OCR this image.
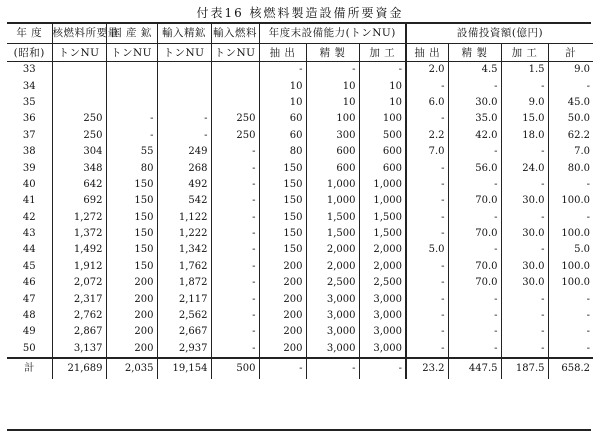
付表16 核燃料製造設備所要資金
年 度	核燃料所要量	国 産 鉱	輸入精鉱	輸入燃料	年度末設備能力(トンNU)			設備投資額(億円)			
(昭和)	トンNU	トンNU	トンNU	トンNU	抽 出	精 製	加 工	抽 出	精 製	加 工	計
33					-	-	-	2.0	4.5	1.5	9.0
34					10	10	10	-	-	-	-
35					10	10	10	6.0	30.0	9.0	45.0
36	250	-	-	250	60	100	100	-	35.0	15.0	50.0
37	250	-	-	250	60	300	500	2.2	42.0	18.0	62.2
38	304	55	249	-	80	600	600	7.0	-	-	7.0
39	348	80	268	-	150	600	600	-	56.0	24.0	80.0
40	642	150	492	-	150	1,000	1,000	-	-	-	-
41	692	150	542	-	150	1,000	1,000	-	70.0	30.0	100.0
42	1,272	150	1,122	-	150	1,500	1,500	-	-	-	-
43	1,372	150	1,222	-	150	1,500	1,500	-	70.0	30.0	100.0
44	1,492	150	1,342	-	150	2,000	2,000	5.0	-	-	5.0
45	1,912	150	1,762	-	200	2,000	2,000	-	70.0	30.0	100.0
46	2,072	200	1,872	-	200	2,500	2,500	-	70.0	30.0	100.0
47	2,317	200	2,117	-	200	3,000	3,000	-	-	-	-
48	2,762	200	2,562	-	200	3,000	3,000	-	-	-	-
49	2,867	200	2,667	-	200	3,000	3,000	-	-	-	-
50	3,137	200	2,937	-	200	3,000	3,000	-	-	-	-
計	21,689	2,035	19,154	500	-	-	-	23.2	447.5	187.5	658.2
